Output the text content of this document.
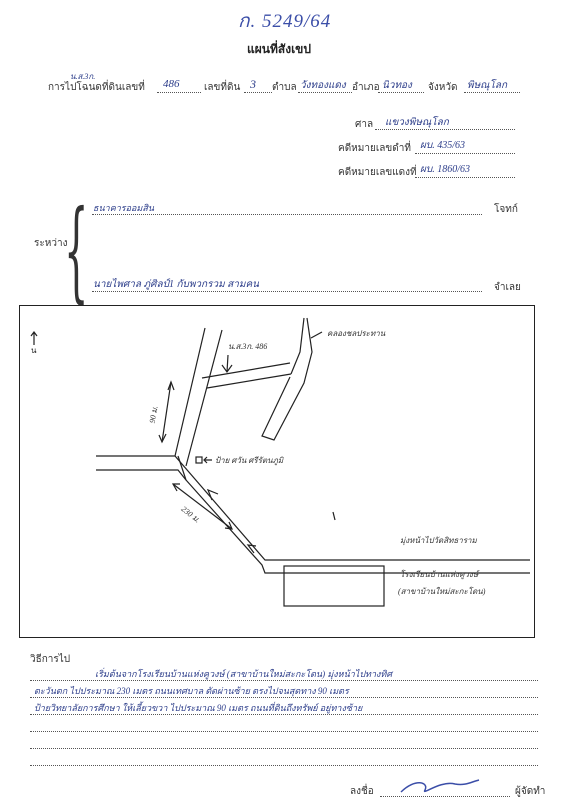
ก. 5249/64
แผนที่สังเขป
น.ส.3ก.
การไปโฉนดที่ดินเลขที่ 486 เลขที่ดิน 3 ตำบล วังทองแดง อำเภอ นิวทอง จังหวัด พิษณุโลก
ศาล แขวงพิษณุโลก
คดีหมายเลขดำที่ ผบ. 435/63
คดีหมายเลขแดงที่ ผบ. 1860/63
ระหว่าง
{ ธนาคารออมสิน	โจทก์
นายไพศาล ภู่ศิลป์1 กับพวกรวม สามคน	จำเลย
น	น.ส.3ก. 486
คลองชลประทาน
90 ม.
ป้าย ศวัน ศรีรัตนภูมิ
230 ม.
มุ่งหน้าไปวัดสิทธาราม
โรงเรียนบ้านแห่งคูวงษ์
(สาขาบ้านใหม่สะกะโดน)
วิธีการไป
เริ่มต้นจากโรงเรียนบ้านแห่งคูวงษ์ (สาขาบ้านใหม่สะกะโดน) มุ่งหน้าไปทางทิศ
ตะวันตก ไปประมาณ 230 เมตร ถนนเทศบาล ตัดผ่านซ้าย ตรงไปจนสุดทาง 90 เมตร
ป้ายวิทยาลัยการศึกษา ให้เลี้ยวขวา ไปประมาณ 90 เมตร ถนนที่ดินถึงทรัพย์ อยู่ทางซ้าย
ลงชื่อ	ผู้จัดทำ
